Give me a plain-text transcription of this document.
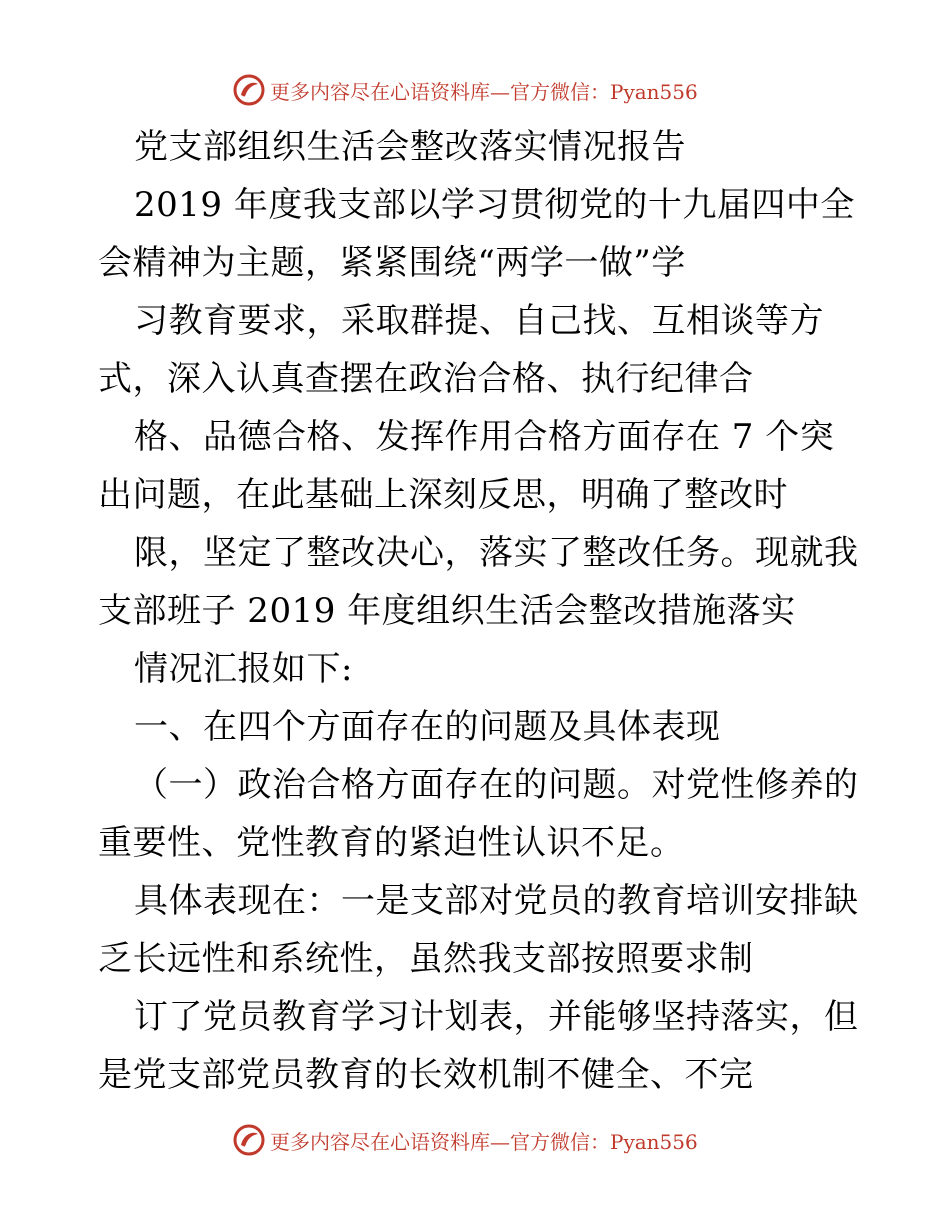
更多内容尽在心语资料库—官方微信：Pyan556
党支部组织生活会整改落实情况报告
2019 年度我支部以学习贯彻党的十九届四中全
会精神为主题，紧紧围绕“两学一做”学
习教育要求，采取群提、自己找、互相谈等方
式，深入认真查摆在政治合格、执行纪律合
格、品德合格、发挥作用合格方面存在 7 个突
出问题，在此基础上深刻反思，明确了整改时
限，坚定了整改决心，落实了整改任务。现就我
支部班子 2019 年度组织生活会整改措施落实
情况汇报如下:
一、在四个方面存在的问题及具体表现
（一）政治合格方面存在的问题。对党性修养的
重要性、党性教育的紧迫性认识不足。
具体表现在：一是支部对党员的教育培训安排缺
乏长远性和系统性，虽然我支部按照要求制
订了党员教育学习计划表，并能够坚持落实，但
是党支部党员教育的长效机制不健全、不完
更多内容尽在心语资料库—官方微信：Pyan556
